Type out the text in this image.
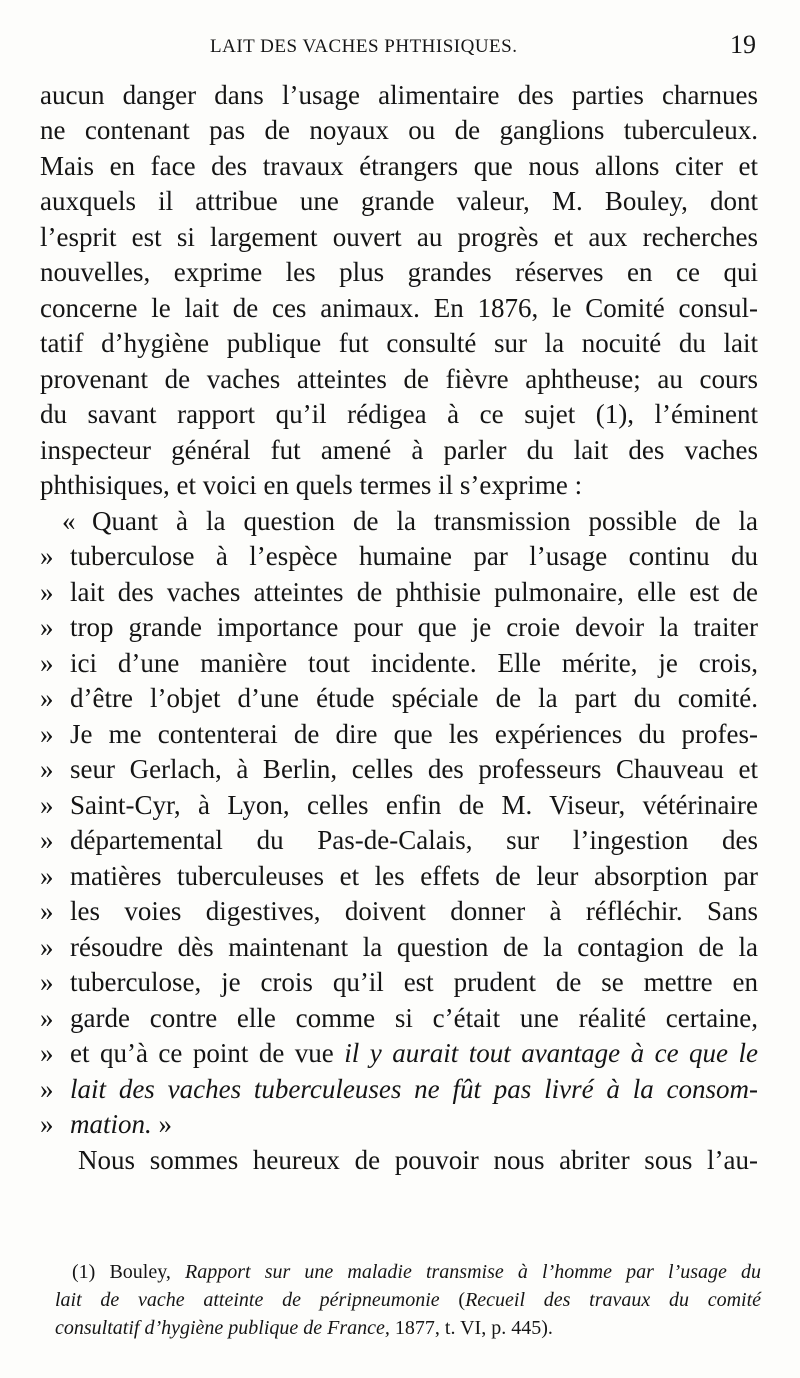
LAIT DES VACHES PHTHISIQUES.	19
aucun danger dans l’usage alimentaire des parties charnues
ne contenant pas de noyaux ou de ganglions tuberculeux.
Mais en face des travaux étrangers que nous allons citer et
auxquels il attribue une grande valeur, M. Bouley, dont
l’esprit est si largement ouvert au progrès et aux recherches
nouvelles, exprime les plus grandes réserves en ce qui
concerne le lait de ces animaux. En 1876, le Comité consul-
tatif d’hygiène publique fut consulté sur la nocuité du lait
provenant de vaches atteintes de fièvre aphtheuse; au cours
du savant rapport qu’il rédigea à ce sujet (1), l’éminent
inspecteur général fut amené à parler du lait des vaches
phthisiques, et voici en quels termes il s’exprime :
« Quant à la question de la transmission possible de la
» tuberculose à l’espèce humaine par l’usage continu du
» lait des vaches atteintes de phthisie pulmonaire, elle est de
» trop grande importance pour que je croie devoir la traiter
» ici d’une manière tout incidente. Elle mérite, je crois,
» d’être l’objet d’une étude spéciale de la part du comité.
» Je me contenterai de dire que les expériences du profes-
» seur Gerlach, à Berlin, celles des professeurs Chauveau et
» Saint-Cyr, à Lyon, celles enfin de M. Viseur, vétérinaire
» départemental du Pas-de-Calais, sur l’ingestion des
» matières tuberculeuses et les effets de leur absorption par
» les voies digestives, doivent donner à réfléchir. Sans
» résoudre dès maintenant la question de la contagion de la
» tuberculose, je crois qu’il est prudent de se mettre en
» garde contre elle comme si c’était une réalité certaine,
» et qu’à ce point de vue il y aurait tout avantage à ce que le
» lait des vaches tuberculeuses ne fût pas livré à la consom-
» mation. »
Nous sommes heureux de pouvoir nous abriter sous l’au-
(1) Bouley, Rapport sur une maladie transmise à l’homme par l’usage du
lait de vache atteinte de péripneumonie (Recueil des travaux du comité
consultatif d’hygiène publique de France, 1877, t. VI, p. 445).
